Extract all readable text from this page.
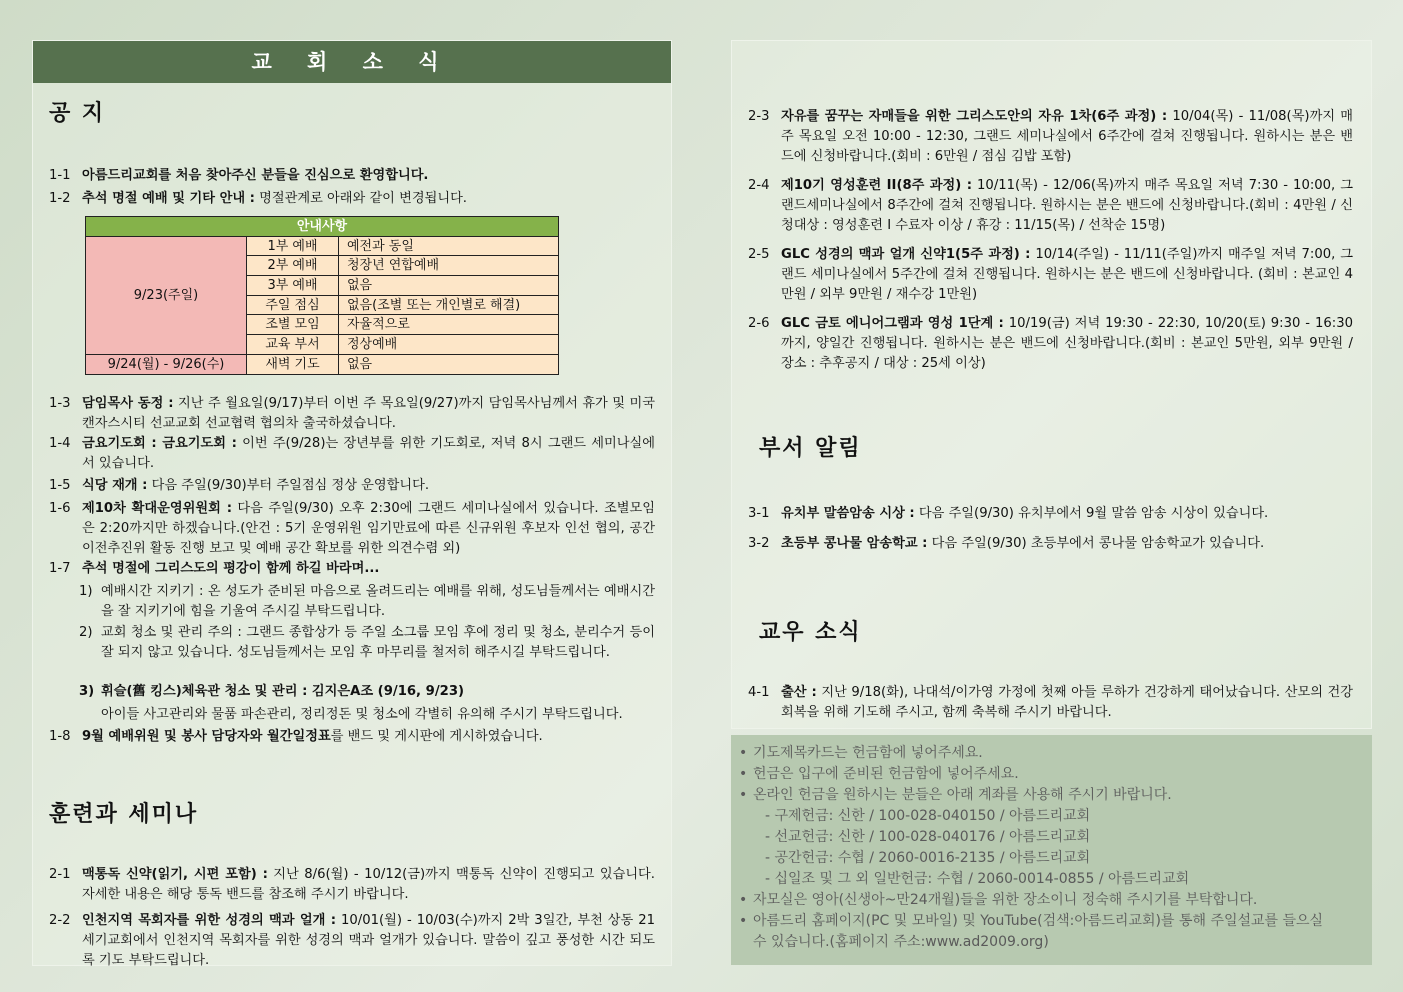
교 회 소 식
공 지
1-1 아름드리교회를 처음 찾아주신 분들을 진심으로 환영합니다.
1-2 추석 명절 예배 및 기타 안내 : 명절관계로 아래와 같이 변경됩니다.
안내사항		
9/23(주일)	1부 예배	예전과 동일
	2부 예배	청장년 연합예배
	3부 예배	없음
	주일 점심	없음(조별 또는 개인별로 해결)
	조별 모임	자율적으로
	교육 부서	정상예배
9/24(월) - 9/26(수)	새벽 기도	없음
1-3 담임목사 동정 : 지난 주 월요일(9/17)부터 이번 주 목요일(9/27)까지 담임목사님께서 휴가 및 미국 캔자스시티 선교교회 선교협력 협의차 출국하셨습니다.
1-4 금요기도회 : 금요기도회 : 이번 주(9/28)는 장년부를 위한 기도회로, 저녁 8시 그랜드 세미나실에서 있습니다.
1-5 식당 재개 : 다음 주일(9/30)부터 주일점심 정상 운영합니다.
1-6 제10차 확대운영위원회 : 다음 주일(9/30) 오후 2:30에 그랜드 세미나실에서 있습니다. 조별모임은 2:20까지만 하겠습니다.(안건 : 5기 운영위원 임기만료에 따른 신규위원 후보자 인선 협의, 공간이전추진위 활동 진행 보고 및 예배 공간 확보를 위한 의견수렴 외)
1-7 추석 명절에 그리스도의 평강이 함께 하길 바라며...
1) 예배시간 지키기 : 온 성도가 준비된 마음으로 올려드리는 예배를 위해, 성도님들께서는 예배시간을 잘 지키기에 힘을 기울여 주시길 부탁드립니다.
2) 교회 청소 및 관리 주의 : 그랜드 종합상가 등 주일 소그룹 모임 후에 정리 및 청소, 분리수거 등이 잘 되지 않고 있습니다. 성도님들께서는 모임 후 마무리를 철저히 해주시길 부탁드립니다.
3) 휘슬(舊 킹스)체육관 청소 및 관리 : 김지은A조 (9/16, 9/23)
아이들 사고관리와 물품 파손관리, 정리정돈 및 청소에 각별히 유의해 주시기 부탁드립니다.
1-8 9월 예배위원 및 봉사 담당자와 월간일정표를 밴드 및 게시판에 게시하였습니다.
훈련과 세미나
2-1 맥통독 신약(읽기, 시편 포함) : 지난 8/6(월) - 10/12(금)까지 맥통독 신약이 진행되고 있습니다. 자세한 내용은 해당 통독 밴드를 참조해 주시기 바랍니다.
2-2 인천지역 목회자를 위한 성경의 맥과 얼개 : 10/01(월) - 10/03(수)까지 2박 3일간, 부천 상동 21세기교회에서 인천지역 목회자를 위한 성경의 맥과 얼개가 있습니다. 말씀이 깊고 풍성한 시간 되도록 기도 부탁드립니다.
2-3 자유를 꿈꾸는 자매들을 위한 그리스도안의 자유 1차(6주 과정) : 10/04(목) - 11/08(목)까지 매주 목요일 오전 10:00 - 12:30, 그랜드 세미나실에서 6주간에 걸쳐 진행됩니다. 원하시는 분은 밴드에 신청바랍니다.(회비 : 6만원 / 점심 김밥 포함)
2-4 제10기 영성훈련 II(8주 과정) : 10/11(목) - 12/06(목)까지 매주 목요일 저녁 7:30 - 10:00, 그랜드세미나실에서 8주간에 걸쳐 진행됩니다. 원하시는 분은 밴드에 신청바랍니다.(회비 : 4만원 / 신청대상 : 영성훈련 I 수료자 이상 / 휴강 : 11/15(목) / 선착순 15명)
2-5 GLC 성경의 맥과 얼개 신약1(5주 과정) : 10/14(주일) - 11/11(주일)까지 매주일 저녁 7:00, 그랜드 세미나실에서 5주간에 걸쳐 진행됩니다. 원하시는 분은 밴드에 신청바랍니다. (회비 : 본교인 4만원 / 외부 9만원 / 재수강 1만원)
2-6 GLC 금토 에니어그램과 영성 1단계 : 10/19(금) 저녁 19:30 - 22:30, 10/20(토) 9:30 - 16:30까지, 양일간 진행됩니다. 원하시는 분은 밴드에 신청바랍니다.(회비 : 본교인 5만원, 외부 9만원 / 장소 : 추후공지 / 대상 : 25세 이상)
부서 알림
3-1 유치부 말씀암송 시상 : 다음 주일(9/30) 유치부에서 9월 말씀 암송 시상이 있습니다.
3-2 초등부 콩나물 암송학교 : 다음 주일(9/30) 초등부에서 콩나물 암송학교가 있습니다.
교우 소식
4-1 출산 : 지난 9/18(화), 나대석/이가영 가정에 첫째 아들 루하가 건강하게 태어났습니다. 산모의 건강회복을 위해 기도해 주시고, 함께 축복해 주시기 바랍니다.
• 기도제목카드는 헌금함에 넣어주세요.
• 헌금은 입구에 준비된 헌금함에 넣어주세요.
• 온라인 헌금을 원하시는 분들은 아래 계좌를 사용해 주시기 바랍니다.
- 구제헌금: 신한 / 100-028-040150 / 아름드리교회
- 선교헌금: 신한 / 100-028-040176 / 아름드리교회
- 공간헌금: 수협 / 2060-0016-2135 / 아름드리교회
- 십일조 및 그 외 일반헌금: 수협 / 2060-0014-0855 / 아름드리교회
• 자모실은 영아(신생아~만24개월)들을 위한 장소이니 정숙해 주시기를 부탁합니다.
• 아름드리 홈페이지(PC 및 모바일) 및 YouTube(검색:아름드리교회)를 통해 주일설교를 들으실
수 있습니다.(홈페이지 주소:www.ad2009.org)
